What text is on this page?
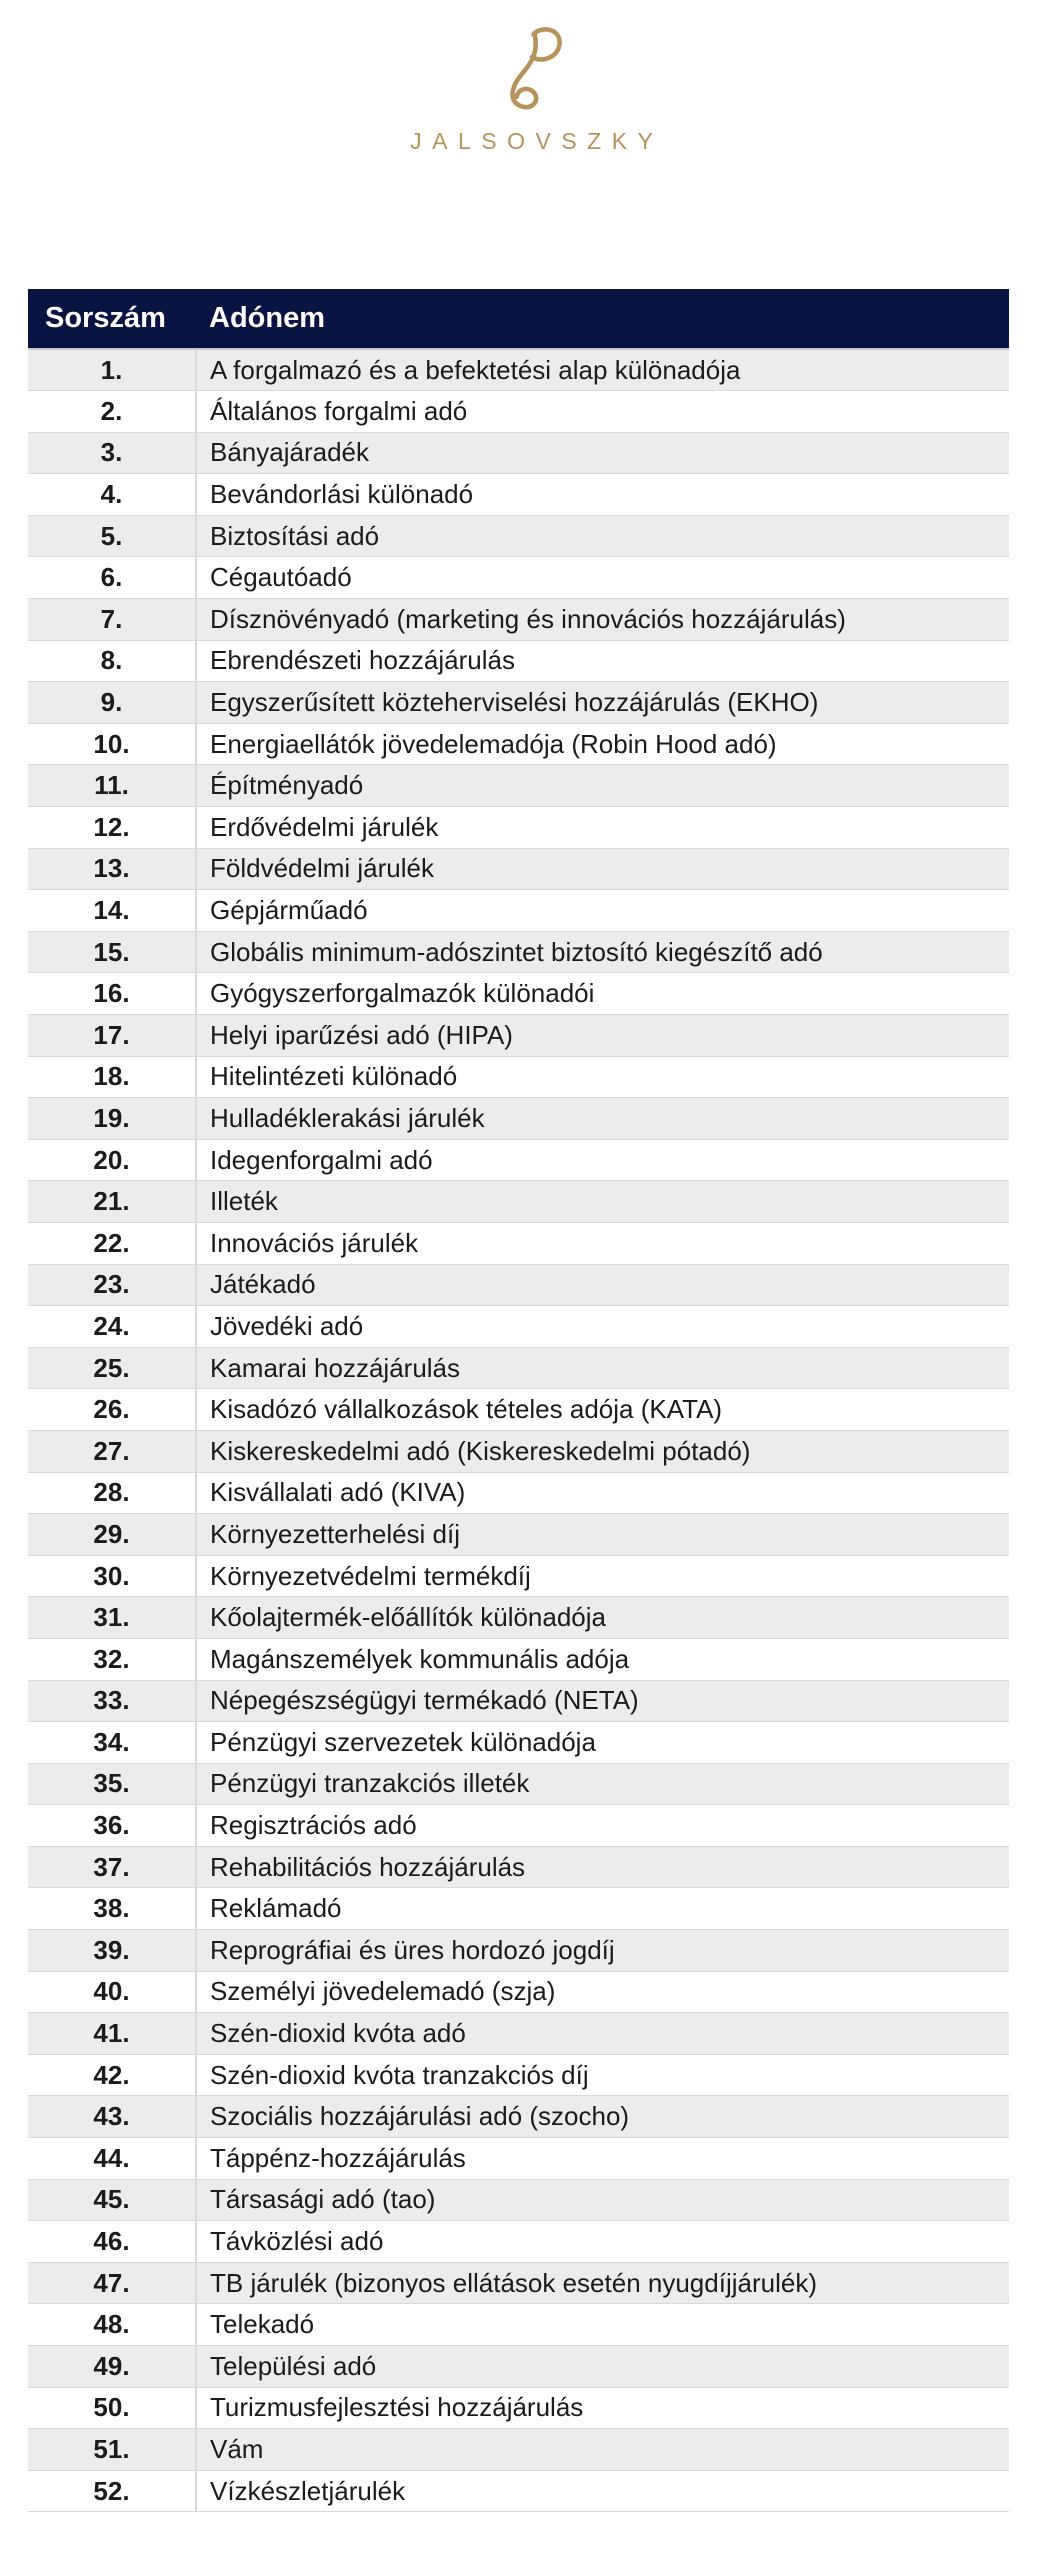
JALSOVSZKY
Sorszám	Adónem
1.	A forgalmazó és a befektetési alap különadója
2.	Általános forgalmi adó
3.	Bányajáradék
4.	Bevándorlási különadó
5.	Biztosítási adó
6.	Cégautóadó
7.	Dísznövényadó (marketing és innovációs hozzájárulás)
8.	Ebrendészeti hozzájárulás
9.	Egyszerűsített közteherviselési hozzájárulás (EKHO)
10.	Energiaellátók jövedelemadója (Robin Hood adó)
11.	Építményadó
12.	Erdővédelmi járulék
13.	Földvédelmi járulék
14.	Gépjárműadó
15.	Globális minimum-adószintet biztosító kiegészítő adó
16.	Gyógyszerforgalmazók különadói
17.	Helyi iparűzési adó (HIPA)
18.	Hitelintézeti különadó
19.	Hulladéklerakási járulék
20.	Idegenforgalmi adó
21.	Illeték
22.	Innovációs járulék
23.	Játékadó
24.	Jövedéki adó
25.	Kamarai hozzájárulás
26.	Kisadózó vállalkozások tételes adója (KATA)
27.	Kiskereskedelmi adó (Kiskereskedelmi pótadó)
28.	Kisvállalati adó (KIVA)
29.	Környezetterhelési díj
30.	Környezetvédelmi termékdíj
31.	Kőolajtermék-előállítók különadója
32.	Magánszemélyek kommunális adója
33.	Népegészségügyi termékadó (NETA)
34.	Pénzügyi szervezetek különadója
35.	Pénzügyi tranzakciós illeték
36.	Regisztrációs adó
37.	Rehabilitációs hozzájárulás
38.	Reklámadó
39.	Reprográfiai és üres hordozó jogdíj
40.	Személyi jövedelemadó (szja)
41.	Szén-dioxid kvóta adó
42.	Szén-dioxid kvóta tranzakciós díj
43.	Szociális hozzájárulási adó (szocho)
44.	Táppénz-hozzájárulás
45.	Társasági adó (tao)
46.	Távközlési adó
47.	TB járulék (bizonyos ellátások esetén nyugdíjjárulék)
48.	Telekadó
49.	Települési adó
50.	Turizmusfejlesztési hozzájárulás
51.	Vám
52.	Vízkészletjárulék
